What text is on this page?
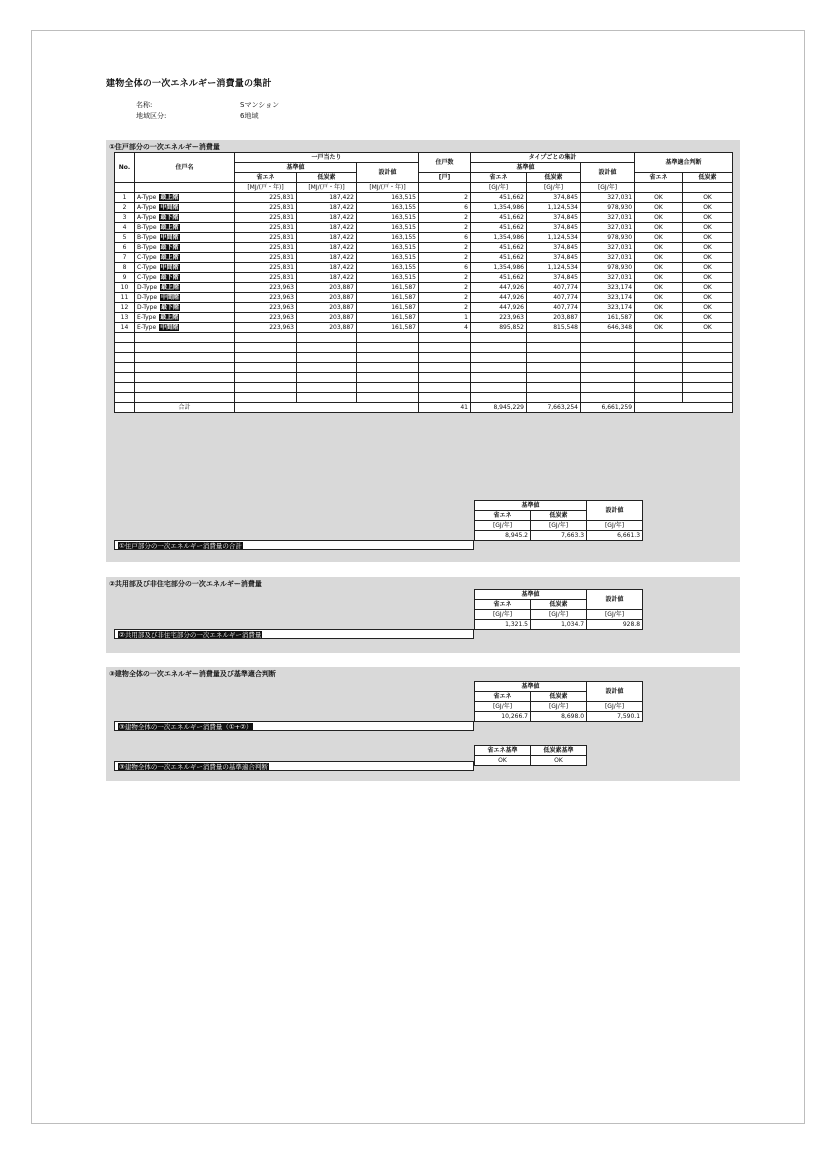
建物全体の一次エネルギー消費量の集計
名称:	Sマンション
地域区分:	6地域
①住戸部分の一次エネルギー消費量
No.	住戸名	一戸当たり			住戸数	タイプごとの集計			基準適合判断	
		基準値		設計値		基準値		設計値		
		省エネ	低炭素		[戸]	省エネ	低炭素		省エネ	低炭素
		[MJ/(戸・年)]	[MJ/(戸・年)]	[MJ/(戸・年)]		[GJ/年]	[GJ/年]	[GJ/年]		
1	A-Type 最上階	225,831	187,422	163,515	2	451,662	374,845	327,031	OK	OK
2	A-Type 中間階	225,831	187,422	163,155	6	1,354,986	1,124,534	978,930	OK	OK
3	A-Type 最下階	225,831	187,422	163,515	2	451,662	374,845	327,031	OK	OK
4	B-Type 最上階	225,831	187,422	163,515	2	451,662	374,845	327,031	OK	OK
5	B-Type 中間階	225,831	187,422	163,155	6	1,354,986	1,124,534	978,930	OK	OK
6	B-Type 最下階	225,831	187,422	163,515	2	451,662	374,845	327,031	OK	OK
7	C-Type 最上階	225,831	187,422	163,515	2	451,662	374,845	327,031	OK	OK
8	C-Type 中間階	225,831	187,422	163,155	6	1,354,986	1,124,534	978,930	OK	OK
9	C-Type 最下階	225,831	187,422	163,515	2	451,662	374,845	327,031	OK	OK
10	D-Type 最上階	223,963	203,887	161,587	2	447,926	407,774	323,174	OK	OK
11	D-Type 中間階	223,963	203,887	161,587	2	447,926	407,774	323,174	OK	OK
12	D-Type 最下階	223,963	203,887	161,587	2	447,926	407,774	323,174	OK	OK
13	E-Type 最上階	223,963	203,887	161,587	1	223,963	203,887	161,587	OK	OK
14	E-Type 中間階	223,963	203,887	161,587	4	895,852	815,548	646,348	OK	OK

	合計				41	8,945,229	7,663,254	6,661,259		
基準値		設計値
省エネ	低炭素	
[GJ/年]	[GJ/年]	[GJ/年]
8,945.2	7,663.3	6,661.3
①住戸部分の一次エネルギー消費量の合計
②共用部及び非住宅部分の一次エネルギー消費量
基準値		設計値
省エネ	低炭素	
[GJ/年]	[GJ/年]	[GJ/年]
1,321.5	1,034.7	928.8
②共用部及び非住宅部分の一次エネルギー消費量
③建物全体の一次エネルギー消費量及び基準適合判断
基準値		設計値
省エネ	低炭素	
[GJ/年]	[GJ/年]	[GJ/年]
10,266.7	8,698.0	7,590.1
③建物全体の一次エネルギー消費量（①+②）
省エネ基準	低炭素基準
OK	OK
③建物全体の一次エネルギー消費量の基準適合判断
